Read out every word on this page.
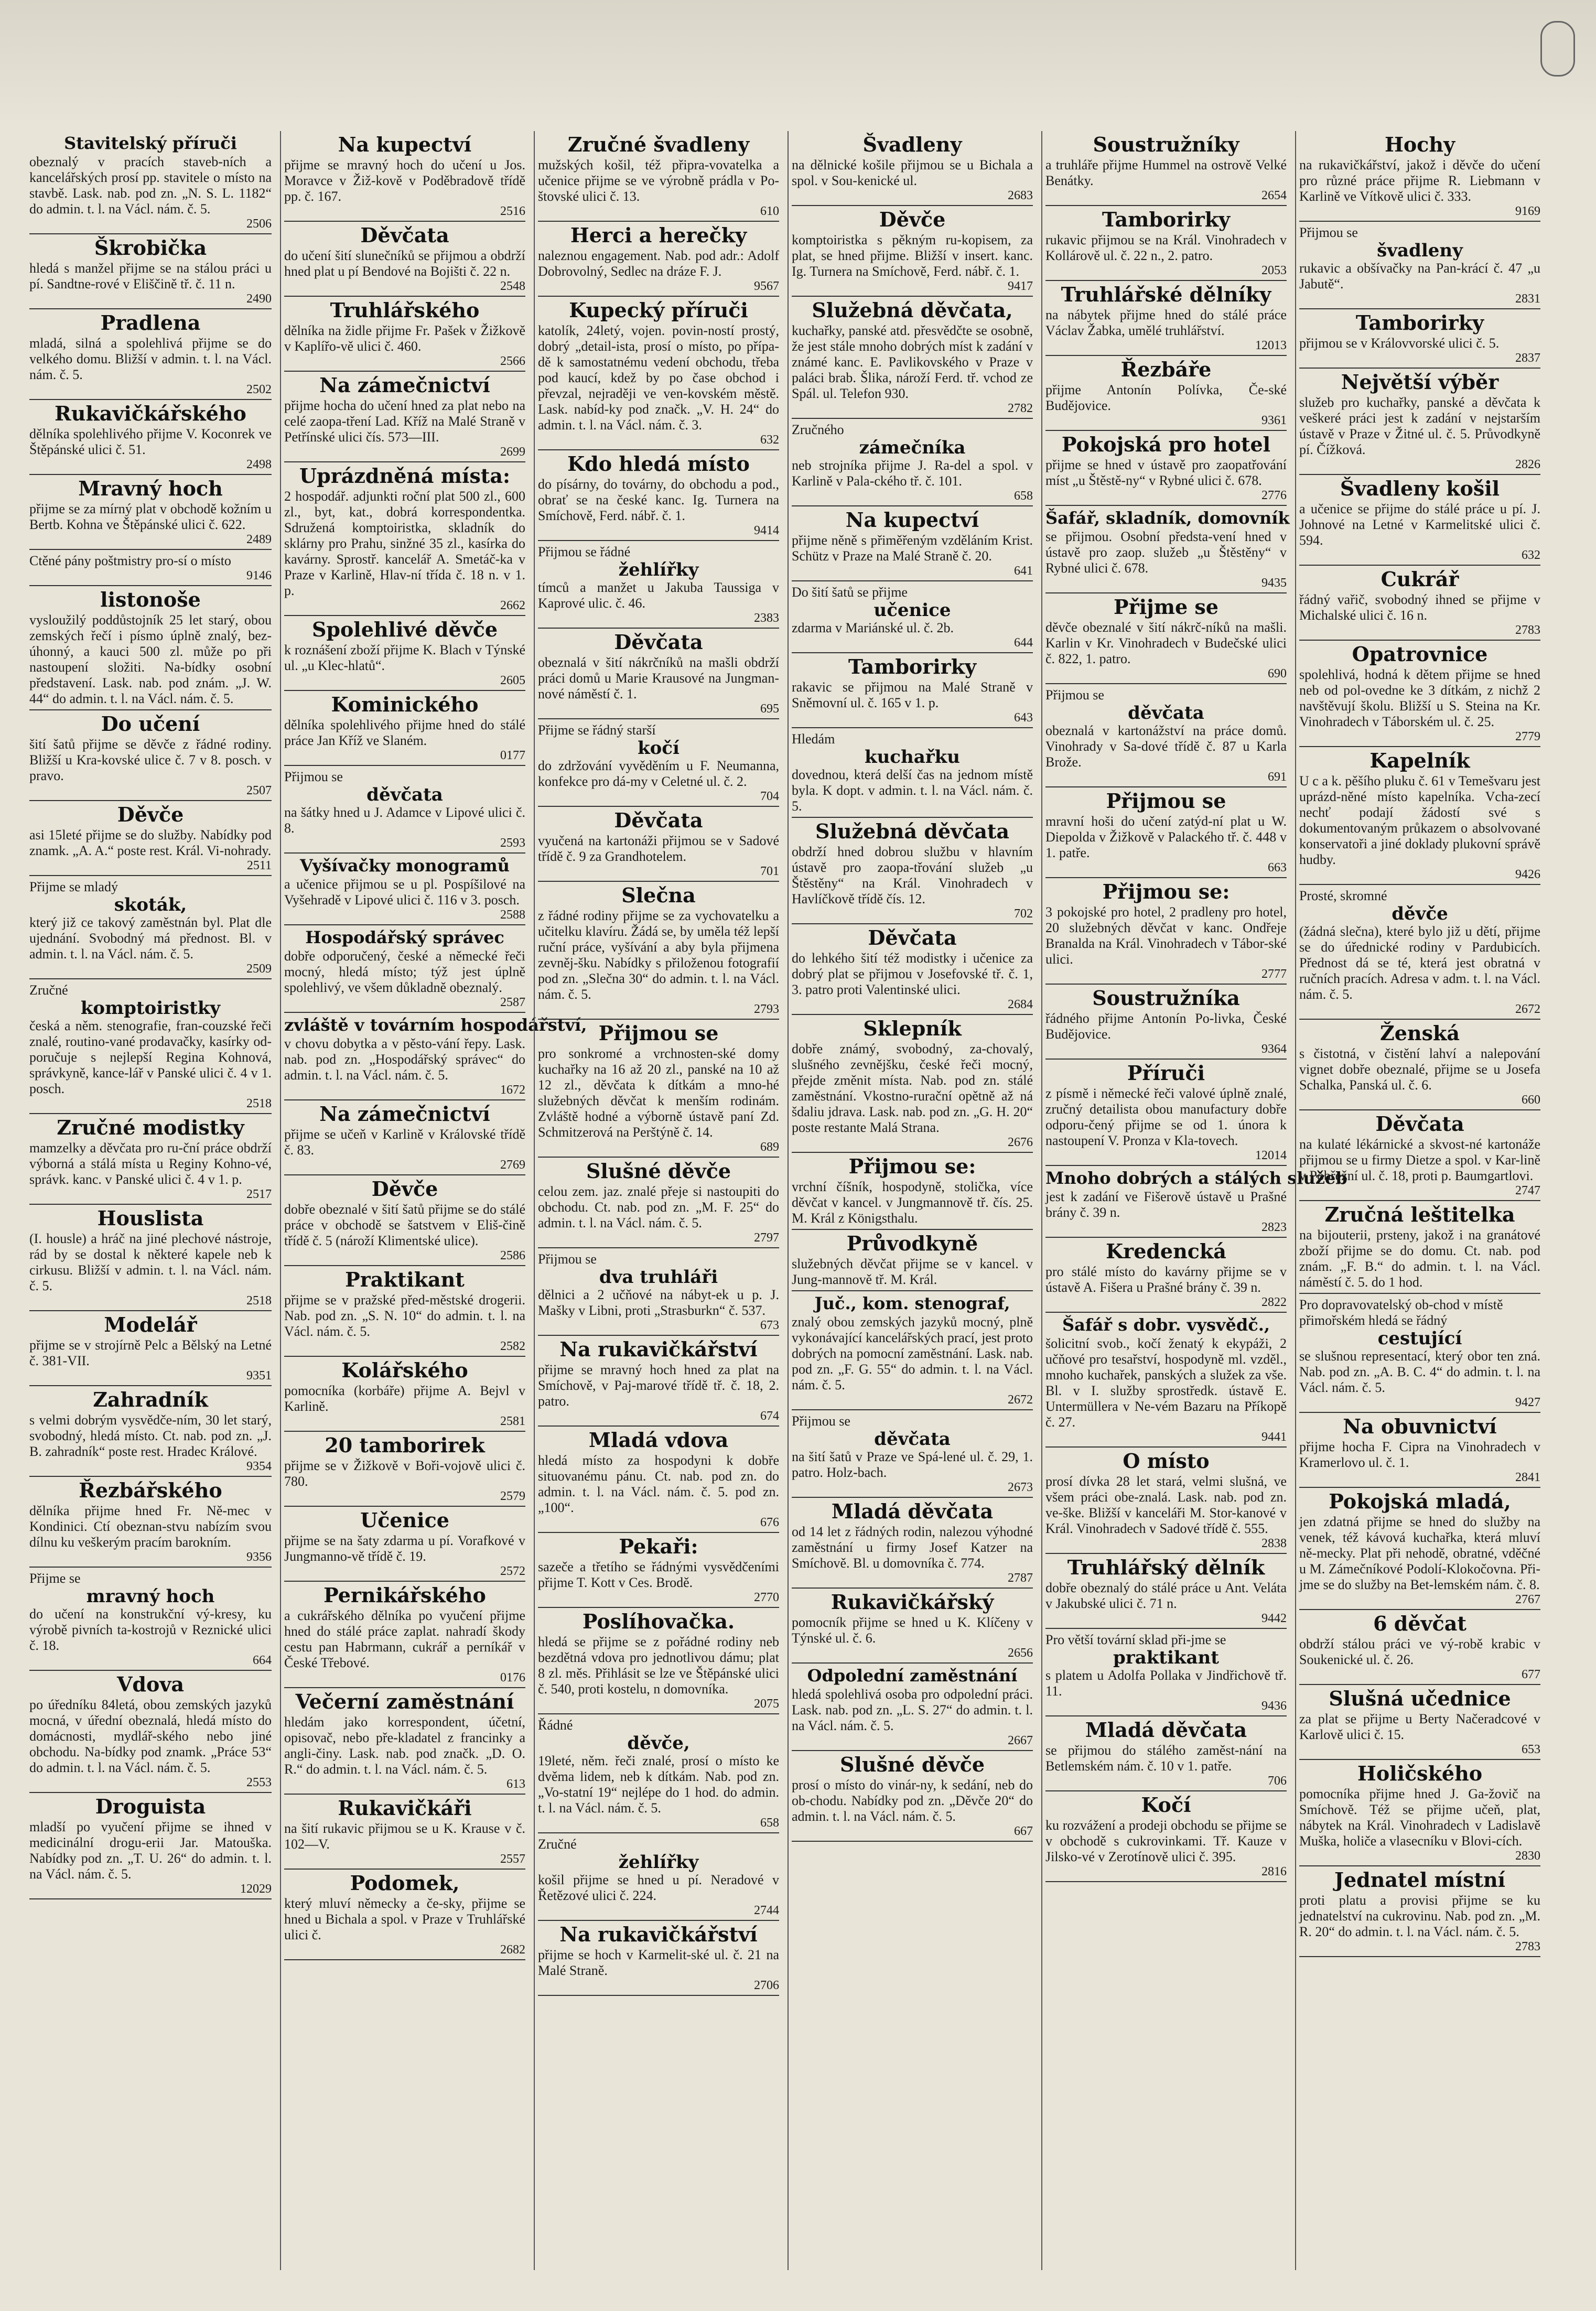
Stavitelský příruči
obeznalý v pracích staveb-ních a kancelářských prosí pp. stavitele o místo na stavbě. Lask. nab. pod zn. „N. S. L. 1182“ do admin. t. l. na Václ. nám. č. 5.
2506
Škrobička
hledá s manžel přijme se na stálou práci u pí. Sandtne-rové v Eliščině tř. č. 11 n.
2490
Pradlena
mladá, silná a spolehlivá přijme se do velkého domu. Bližší v admin. t. l. na Václ. nám. č. 5.
2502
Rukavičkářského
dělníka spolehlivého přijme V. Koconrek ve Štěpánské ulici č. 51.
2498
Mravný hoch
přijme se za mírný plat v obchodě kožním u Bertb. Kohna ve Štěpánské ulici č. 622.
2489
Ctěné pány poštmistry pro-sí o místo
9146
listonoše
vysloužilý poddůstojník 25 let starý, obou zemských řečí i písmo úplně znalý, bez-úhonný, a kauci 500 zl. může po při nastoupení složiti. Na-bídky osobní představení. Lask. nab. pod znám. „J. W. 44“ do admin. t. l. na Václ. nám. č. 5.
Do učení
šití šatů přijme se děvče z řádné rodiny. Bližší u Kra-kovské ulice č. 7 v 8. posch. v pravo.
2507
Děvče
asi 15leté přijme se do služby. Nabídky pod znamk. „A. A.“ poste rest. Král. Vi-nohrady.
2511
Přijme se mladý
skoták,
který již ce takový zaměstnán byl. Plat dle ujednání. Svobodný má přednost. Bl. v admin. t. l. na Václ. nám. č. 5.
2509
Zručné
komptoiristky
česká a něm. stenografie, fran-couzské řeči znalé, routino-vané prodavačky, kasírky od-poručuje s nejlepší Regina Kohnová, správkyně, kance-lář v Panské ulici č. 4 v 1. posch.
2518
Zručné modistky
mamzelky a děvčata pro ru-ční práce obdrží výborná a stálá místa u Reginy Kohno-vé, správk. kanc. v Panské ulici č. 4 v 1. p.
2517
Houslista
(I. housle) a hráč na jiné plechové nástroje, rád by se dostal k některé kapele neb k cirkusu. Bližší v admin. t. l. na Václ. nám. č. 5.
2518
Modelář
přijme se v strojírně Pelc a Bělský na Letné č. 381-VII.
9351
Zahradník
s velmi dobrým vysvědče-ním, 30 let starý, svobodný, hledá místo. Ct. nab. pod zn. „J. B. zahradník“ poste rest. Hradec Králové.
9354
Řezbářského
dělníka přijme hned Fr. Ně-mec v Kondinici. Ctí obeznan-stvu nabízím svou dílnu ku veškerým pracím barokním.
9356
Přijme se
mravný hoch
do učení na konstrukční vý-kresy, ku výrobě pivních ta-kostrojů v Reznické ulici č. 18.
664
Vdova
po úředníku 84letá, obou zemských jazyků mocná, v úřední obeznalá, hledá místo do domácnosti, mydlář-ského nebo jiné obchodu. Na-bídky pod znamk. „Práce 53“ do admin. t. l. na Václ. nám. č. 5.
2553
Droguista
mladší po vyučení přijme se ihned v medicinální drogu-erii Jar. Matouška. Nabídky pod zn. „T. U. 26“ do admin. t. l. na Václ. nám. č. 5.
12029
Na kupectví
přijme se mravný hoch do učení u Jos. Moravce v Žiž-kově v Poděbradově třídě pp. č. 167.
2516
Děvčata
do učení šití slunečníků se přijmou a obdrží hned plat u pí Bendové na Bojišti č. 22 n.
2548
Truhlářského
dělníka na židle přijme Fr. Pašek v Žižkově v Kaplířo-vě ulici č. 460.
2566
Na zámečnictví
přijme hocha do učení hned za plat nebo na celé zaopa-tření Lad. Kříž na Malé Straně v Petřínské ulici čís. 573—III.
2699
Uprázdněná místa:
2 hospodář. adjunkti roční plat 500 zl., 600 zl., byt, kat., dobrá korrespondentka. Sdružená komptoiristka, skladník do sklárny pro Prahu, sinžné 35 zl., kasírka do kavárny. Sprostř. kancelář A. Smetáč-ka v Praze v Karlině, Hlav-ní třída č. 18 n. v 1. p.
2662
Spolehlivé děvče
k roznášení zboží přijme K. Blach v Týnské ul. „u Klec-hlatů“.
2605
Kominického
dělníka spolehlivého přijme hned do stálé práce Jan Kříž ve Slaném.
0177
Přijmou se
děvčata
na šátky hned u J. Adamce v Lipové ulici č. 8.
2593
Vyšívačky monogramů
a učenice přijmou se u pl. Pospíšilové na Vyšehradě v Lipové ulici č. 116 v 3. posch.
2588
Hospodářský správec
dobře odporučený, české a německé řeči mocný, hledá místo; týž jest úplně spolehlivý, ve všem důkladně obeznalý.
2587
zvláště v továrním hospodářství,
v chovu dobytka a v pěsto-vání řepy. Lask. nab. pod zn. „Hospodářský správec“ do admin. t. l. na Václ. nám. č. 5.
1672
Na zámečnictví
přijme se učeň v Karlině v Královské třídě č. 83.
2769
Děvče
dobře obeznalé v šití šatů přijme se do stálé práce v obchodě se šatstvem v Eliš-čině třídě č. 5 (nároží Klimentské ulice).
2586
Praktikant
přijme se v pražské před-městské drogerii. Nab. pod zn. „S. N. 10“ do admin. t. l. na Václ. nám. č. 5.
2582
Kolářského
pomocníka (korbáře) přijme A. Bejvl v Karlině.
2581
20 tamborirek
přijme se v Žižkově v Boři-vojově ulici č. 780.
2579
Učenice
přijme se na šaty zdarma u pí. Vorafkové v Jungmanno-vě třídě č. 19.
2572
Pernikářského
a cukrářského dělníka po vyučení přijme hned do stálé práce zaplat. nahradí škody cestu pan Habrmann, cukrář a perníkář v České Třebové.
0176
Večerní zaměstnání
hledám jako korrespondent, účetní, opisovač, nebo pře-kladatel z francinky a angli-činy. Lask. nab. pod značk. „D. O. R.“ do admin. t. l. na Václ. nám. č. 5.
613
Rukavičkáři
na šití rukavic přijmou se u K. Krause v č. 102—V.
2557
Podomek,
který mluví německy a če-sky, přijme se hned u Bichala a spol. v Praze v Truhlářské ulici č.
2682
Zručné švadleny
mužských košil, též připra-vovatelka a učenice přijme se ve výrobně prádla v Po-štovské ulici č. 13.
610
Herci a herečky
naleznou engagement. Nab. pod adr.: Adolf Dobrovolný, Sedlec na dráze F. J.
9567
Kupecký příruči
katolík, 24letý, vojen. povin-ností prostý, dobrý „detail-ista, prosí o místo, po přípa-dě k samostatnému vedení obchodu, třeba pod kaucí, kdež by po čase obchod i převzal, nejraději ve ven-kovském městě. Lask. nabíd-ky pod značk. „V. H. 24“ do admin. t. l. na Václ. nám. č. 3.
632
Kdo hledá místo
do písárny, do továrny, do obchodu a pod., obrať se na české kanc. Ig. Turnera na Smíchově, Ferd. nábř. č. 1.
9414
Přijmou se řádné
žehlířky
tímců a manžet u Jakuba Taussiga v Kaprové ulic. č. 46.
2383
Děvčata
obeznalá v šití nákrčníků na mašli obdrží práci domů u Marie Krausové na Jungman-nové náměstí č. 1.
695
Přijme se řádný starší
kočí
do zdržování vyvěděním u F. Neumanna, konfekce pro dá-my v Celetné ul. č. 2.
704
Děvčata
vyučená na kartonáži přijmou se v Sadové třídě č. 9 za Grandhotelem.
701
Slečna
z řádné rodiny přijme se za vychovatelku a učitelku klavíru. Žádá se, by uměla též lepší ruční práce, vyšívání a aby byla přijmena zevněj-šku. Nabídky s přiloženou fotografií pod zn. „Slečna 30“ do admin. t. l. na Václ. nám. č. 5.
2793
Přijmou se
pro sonkromé a vrchnosten-ské domy kuchařky na 16 až 20 zl., panské na 10 až 12 zl., děvčata k dítkám a mno-hé služebných děvčat k menším rodinám. Zvláště hodné a výborně ústavě paní Zd. Schmitzerová na Perštýně č. 14.
689
Slušné děvče
celou zem. jaz. znalé přeje si nastoupiti do obchodu. Ct. nab. pod zn. „M. F. 25“ do admin. t. l. na Václ. nám. č. 5.
2797
Přijmou se
dva truhláři
dělnici a 2 učňové na nábyt-ek u p. J. Mašky v Libni, proti „Strasburkn“ č. 537.
673
Na rukavičkářství
přijme se mravný hoch hned za plat na Smíchově, v Paj-marové třídě tř. č. 18, 2. patro.
674
Mladá vdova
hledá místo za hospodyni k dobře situovanému pánu. Ct. nab. pod zn. do admin. t. l. na Václ. nám. č. 5. pod zn. „100“.
676
Pekaři:
sazeče a třetího se řádnými vysvědčeními přijme T. Kott v Ces. Brodě.
2770
Poslíhovačka.
hledá se přijme se z pořádné rodiny neb bezdětná vdova pro jednotlivou dámu; plat 8 zl. měs. Přihlásit se lze ve Štěpánské ulici č. 540, proti kostelu, n domovníka.
2075
Řádné
děvče,
19leté, něm. řeči znalé, prosí o místo ke dvěma lidem, neb k dítkám. Nab. pod zn. „Vo-statní 19“ nejlépe do 1 hod. do admin. t. l. na Václ. nám. č. 5.
658
Zručné
žehlířky
košil přijme se hned u pí. Neradové v Řetězové ulici č. 224.
2744
Na rukavičkářství
přijme se hoch v Karmelit-ské ul. č. 21 na Malé Straně.
2706
Švadleny
na dělnické košile přijmou se u Bichala a spol. v Sou-kenické ul.
2683
Děvče
komptoiristka s pěkným ru-kopisem, za plat, se hned přijme. Bližší v insert. kanc. Ig. Turnera na Smíchově, Ferd. nábř. č. 1.
9417
Služebná děvčata,
kuchařky, panské atd. přesvědčte se osobně, že jest stále mnoho dobrých míst k zadání v známé kanc. E. Pavlikovského v Praze v paláci brab. Šlika, nároží Ferd. tř. vchod ze Spál. ul. Telefon 930.
2782
Zručného
zámečníka
neb strojníka přijme J. Ra-del a spol. v Karlině v Pala-ckého tř. č. 101.
658
Na kupectví
přijme něně s přiměřeným vzděláním Krist. Schütz v Praze na Malé Straně č. 20.
641
Do šití šatů se přijme
učenice
zdarma v Mariánské ul. č. 2b.
644
Tamborirky
rakavic se přijmou na Malé Straně v Sněmovní ul. č. 165 v 1. p.
643
Hledám
kuchařku
dovednou, která delší čas na jednom místě byla. K dopt. v admin. t. l. na Václ. nám. č. 5.
Služebná děvčata
obdrží hned dobrou službu v hlavním ústavě pro zaopa-třování služeb „u Štěstěny“ na Král. Vinohradech v Havlíčkově třídě čís. 12.
702
Děvčata
do lehkého šití též modistky i učenice za dobrý plat se přijmou v Josefovské tř. č. 1, 3. patro proti Valentinské ulici.
2684
Sklepník
dobře známý, svobodný, za-chovalý, slušného zevnějšku, české řeči mocný, přejde změnit místa. Nab. pod zn. stálé zaměstnání. Vkostno-rurační opětně až ná šdaliu jdrava. Lask. nab. pod zn. „G. H. 20“ poste restante Malá Strana.
2676
Přijmou se:
vrchní číšník, hospodyně, stolička, více děvčat v kancel. v Jungmannově tř. čís. 25. M. Král z Königsthalu.
Průvodkyně
služebných děvčat přijme se v kancel. v Jung-mannově tř. M. Král.
Juč., kom. stenograf,
znalý obou zemských jazyků mocný, plně vykonávající kancelářských prací, jest proto dobrých na pomocní zaměstnání. Lask. nab. pod zn. „F. G. 55“ do admin. t. l. na Václ. nám. č. 5.
2672
Přijmou se
děvčata
na šití šatů v Praze ve Spá-lené ul. č. 29, 1. patro. Holz-bach.
2673
Mladá děvčata
od 14 let z řádných rodin, nalezou výhodné zaměstnání u firmy Josef Katzer na Smíchově. Bl. u domovníka č. 774.
2787
Rukavičkářský
pomocník přijme se hned u K. Klíčeny v Týnské ul. č. 6.
2656
Odpolední zaměstnání
hledá spolehlivá osoba pro odpolední práci. Lask. nab. pod zn. „L. S. 27“ do admin. t. l. na Václ. nám. č. 5.
2667
Slušné děvče
prosí o místo do vinár-ny, k sedání, neb do ob-chodu. Nabídky pod zn. „Děvče 20“ do admin. t. l. na Václ. nám. č. 5.
667
Soustružníky
a truhláře přijme Hummel na ostrově Velké Benátky.
2654
Tamborirky
rukavic přijmou se na Král. Vinohradech v Kollárově ul. č. 22 n., 2. patro.
2053
Truhlářské dělníky
na nábytek přijme hned do stálé práce Václav Žabka, umělé truhlářství.
12013
Řezbáře
přijme Antonín Polívka, Če-ské Budějovice.
9361
Pokojská pro hotel
přijme se hned v ústavě pro zaopatřování míst „u Štěstě-ny“ v Rybné ulici č. 678.
2776
Šafář, skladník, domovník
se přijmou. Osobní předsta-vení hned v ústavě pro zaop. služeb „u Štěstěny“ v Rybné ulici č. 678.
9435
Přijme se
děvče obeznalé v šití nákrč-níků na mašli. Karlin v Kr. Vinohradech v Budečské ulici č. 822, 1. patro.
690
Přijmou se
děvčata
obeznalá v kartonážství na práce domů. Vinohrady v Sa-dové třídě č. 87 u Karla Brože.
691
Přijmou se
mravní hoši do učení zatýd-ní plat u W. Diepolda v Žižkově v Palackého tř. č. 448 v 1. patře.
663
Přijmou se:
3 pokojské pro hotel, 2 pradleny pro hotel, 20 služebných děvčat v kanc. Ondřeje Branalda na Král. Vinohradech v Tábor-ské ulici.
2777
Soustružníka
řádného přijme Antonín Po-livka, České Budějovice.
9364
Příruči
z písmě i německé řeči valové úplně znalé, zručný detailista obou manufactury dobře odporu-čený přijme se od 1. února k nastoupení V. Pronza v Kla-tovech.
12014
Mnoho dobrých a stálých služeb
jest k zadání ve Fišerově ústavě u Prašné brány č. 39 n.
2823
Kredencká
pro stálé místo do kavárny přijme se v ústavě A. Fišera u Prašné brány č. 39 n.
2822
Šafář s dobr. vysvědč.,
šolicitní svob., kočí ženatý k ekypáži, 2 učňové pro tesařství, hospodyně ml. vzděl., mnoho kuchařek, panských a služek za vše. Bl. v I. služby sprostředk. ústavě E. Untermüllera v Ne-vém Bazaru na Příkopě č. 27.
9441
O místo
prosí dívka 28 let stará, velmi slušná, ve všem práci obe-znalá. Lask. nab. pod zn. ve-ške. Bližší v kanceláři M. Stor-kanové v Král. Vinohradech v Sadové třídě č. 555.
2838
Truhlářský dělník
dobře obeznalý do stálé práce u Ant. Veláta v Jakubské ulici č. 71 n.
9442
Pro větší tovární sklad při-jme se
praktikant
s platem u Adolfa Pollaka v Jindřichově tř. 11.
9436
Mladá děvčata
se přijmou do stálého zaměst-nání na Betlemském nám. č. 10 v 1. patře.
706
Kočí
ku rozvážení a prodeji obchodu se přijme se v obchodě s cukrovinkami. Tř. Kauze v Jilsko-vé v Zerotínově ulici č. 395.
2816
Hochy
na rukavičkářství, jakož i děvče do učení pro různé práce přijme R. Liebmann v Karlině ve Vítkově ulici č. 333.
9169
Přijmou se
švadleny
rukavic a obšívačky na Pan-krácí č. 47 „u Jabutě“.
2831
Tamborirky
přijmou se v Královvorské ulici č. 5.
2837
Největší výběr
služeb pro kuchařky, panské a děvčata k veškeré práci jest k zadání v nejstarším ústavě v Praze v Žitné ul. č. 5. Průvodkyně pí. Čížková.
2826
Švadleny košil
a učenice se přijme do stálé práce u pí. J. Johnové na Letné v Karmelitské ulici č. 594.
632
Cukrář
řádný vařič, svobodný ihned se přijme v Michalské ulici č. 16 n.
2783
Opatrovnice
spolehlivá, hodná k dětem přijme se hned neb od pol-ovedne ke 3 dítkám, z nichž 2 navštěvují školu. Bližší u S. Steina na Kr. Vinohradech v Táborském ul. č. 25.
2779
Kapelník
U c a k. pěšího pluku č. 61 v Temešvaru jest uprázd-něné místo kapelníka. Vcha-zecí nechť podají žádostí své s dokumentovaným průkazem o absolvované konservatoři a jiné doklady plukovní správě hudby.
9426
Prosté, skromné
děvče
(žádná slečna), které bylo již u dětí, přijme se do úřednické rodiny v Pardubicích. Přednost dá se té, která jest obratná v ručních pracích. Adresa v adm. t. l. na Václ. nám. č. 5.
2672
Ženská
s čistotná, v čistění lahví a nalepování vignet dobře obeznalé, přijme se u Josefa Schalka, Panská ul. č. 6.
660
Děvčata
na kulaté lékárnické a skvost-né kartonáže přijmou se u firmy Dietze a spol. v Kar-lině v Pobřežní ul. č. 18, proti p. Baumgartlovi.
2747
Zručná leštitelka
na bijouterii, prsteny, jakož i na granátové zboží přijme se do domu. Ct. nab. pod znám. „F. B.“ do admin. t. l. na Václ. náměstí č. 5. do 1 hod.
Pro dopravovatelský ob-chod v místě přimořském hledá se řádný
cestující
se slušnou representací, který obor ten zná. Nab. pod zn. „A. B. C. 4“ do admin. t. l. na Václ. nám. č. 5.
9427
Na obuvnictví
přijme hocha F. Cipra na Vinohradech v Kramerlovo ul. č. 1.
2841
Pokojská mladá,
jen zdatná přijme se hned do služby na venek, též kávová kuchařka, která mluví ně-mecky. Plat při nehodě, obratné, vděčné u M. Zámečníkové Podolí-Klokočovna. Při-jme se do služby na Bet-lemském nám. č. 8.
2767
6 děvčat
obdrží stálou práci ve vý-robě krabic v Soukenické ul. č. 26.
677
Slušná učednice
za plat se přijme u Berty Načeradcové v Karlově ulici č. 15.
653
Holičského
pomocníka přijme hned J. Ga-žovič na Smíchově. Též se přijme učeň, plat, nábytek na Král. Vinohradech v Ladislavě Muška, holiče a vlasecníku v Blovi-cích.
2830
Jednatel místní
proti platu a provisi přijme se ku jednatelství na cukrovinu. Nab. pod zn. „M. R. 20“ do admin. t. l. na Václ. nám. č. 5.
2783
